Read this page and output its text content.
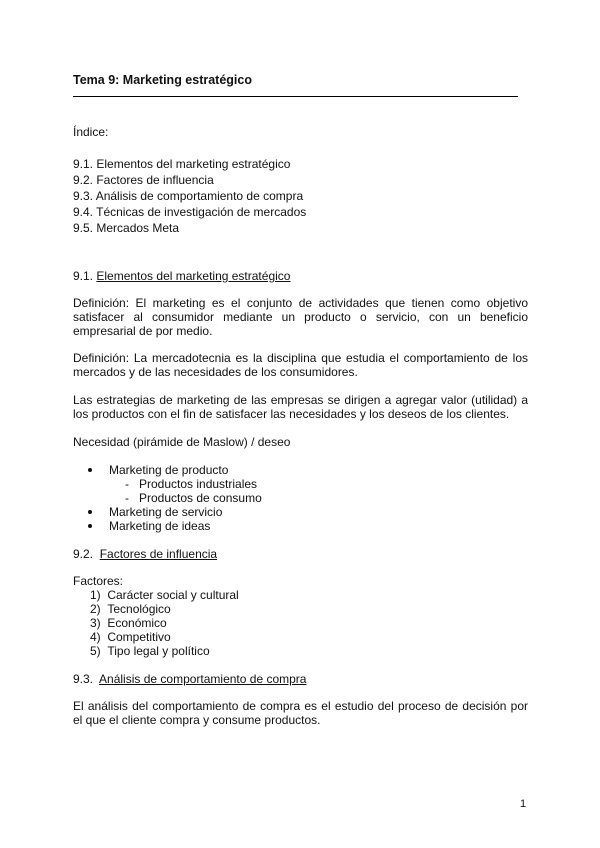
Tema 9: Marketing estratégico
Índice:
9.1. Elementos del marketing estratégico
9.2. Factores de influencia
9.3. Análisis de comportamiento de compra
9.4. Técnicas de investigación de mercados
9.5. Mercados Meta
9.1. Elementos del marketing estratégico
Definición: El marketing es el conjunto de actividades que tienen como objetivo satisfacer al consumidor mediante un producto o servicio, con un beneficio empresarial de por medio.
Definición: La mercadotecnia es la disciplina que estudia el comportamiento de los mercados y de las necesidades de los consumidores.
Las estrategias de marketing de las empresas se dirigen a agregar valor (utilidad) a los productos con el fin de satisfacer las necesidades y los deseos de los clientes.
Necesidad (pirámide de Maslow) / deseo
Marketing de producto
-   Productos industriales
-   Productos de consumo
Marketing de servicio
Marketing de ideas
9.2. Factores de influencia
Factores:
1) Carácter social y cultural
2) Tecnológico
3) Económico
4) Competitivo
5) Tipo legal y político
9.3. Análisis de comportamiento de compra
El análisis del comportamiento de compra es el estudio del proceso de decisión por el que el cliente compra y consume productos.
1
